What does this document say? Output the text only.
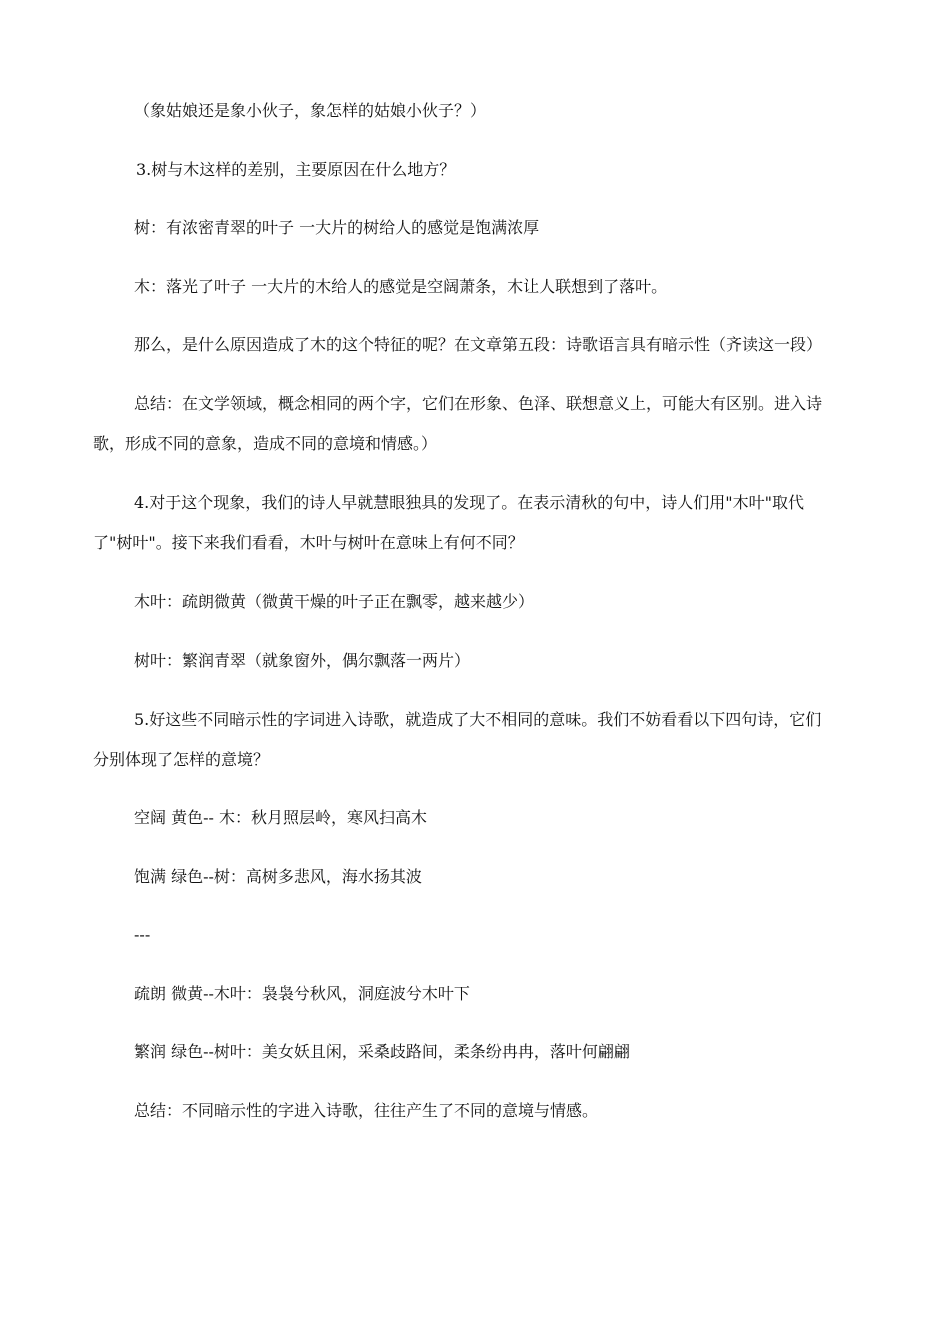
（象姑娘还是象小伙子，象怎样的姑娘小伙子？）

3.树与木这样的差别，主要原因在什么地方？

树：有浓密青翠的叶子 一大片的树给人的感觉是饱满浓厚

木：落光了叶子 一大片的木给人的感觉是空阔萧条，木让人联想到了落叶。

那么，是什么原因造成了木的这个特征的呢？在文章第五段：诗歌语言具有暗示性（齐读这一段）

总结：在文学领域，概念相同的两个字，它们在形象、色泽、联想意义上，可能大有区别。进入诗
歌，形成不同的意象，造成不同的意境和情感。）
4.对于这个现象，我们的诗人早就慧眼独具的发现了。在表示清秋的句中，诗人们用"木叶"取代
了"树叶"。接下来我们看看，木叶与树叶在意味上有何不同？

木叶：疏朗微黄（微黄干燥的叶子正在飘零，越来越少）

树叶：繁润青翠（就象窗外，偶尔飘落一两片）

5.好这些不同暗示性的字词进入诗歌，就造成了大不相同的意味。我们不妨看看以下四句诗，它们
分别体现了怎样的意境？

空阔 黄色-- 木：秋月照层岭，寒风扫高木

饱满 绿色--树：高树多悲风，海水扬其波

---

疏朗 微黄--木叶：袅袅兮秋风，洞庭波兮木叶下

繁润 绿色--树叶：美女妖且闲，采桑歧路间，柔条纷冉冉，落叶何翩翩

总结：不同暗示性的字进入诗歌，往往产生了不同的意境与情感。
